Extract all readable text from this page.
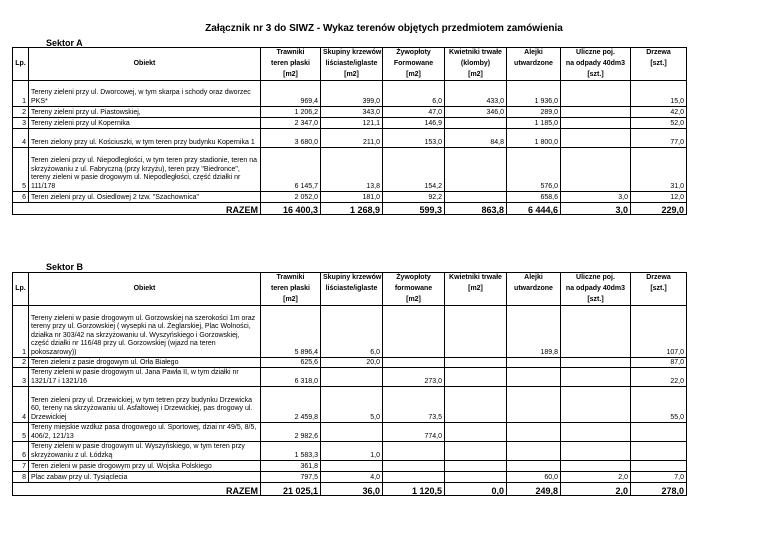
Załącznik nr 3 do SIWZ - Wykaz terenów objętych przedmiotem zamówienia
Sektor A
Lp.	Obiekt	Trawniki	Skupiny krzewów	Żywopłoty	Kwietniki trwałe	Alejki	Uliczne poj.	Drzewa
		teren płaski	liściaste/iglaste	Formowane	(klomby)	utwardzone	na odpady 40dm3	[szt.]
		[m2]	[m2]	[m2]	[m2]		[szt.]	
1	Tereny zieleni przy ul. Dworcowej, w tym skarpa i schody oraz dworzec PKS*	969,4	399,0	6,0	433,0	1 936,0		15,0
2	Tereny zieleni przy ul. Piastowskiej,	1 206,2	343,0	47,0	346,0	289,0		42,0
3	Tereny zieleni przy ul Kopernika	2 347,0	121,1	146,9		1 185,0		52,0
4	Teren zielony przy ul. Kościuszki, w tym teren przy budynku Kopernika 1	3 680,0	211,0	153,0	84,8	1 800,0		77,0
5	Teren zieleni przy ul. Niepodległości, w tym teren przy stadionie, teren na skrzyżowaniu z ul. Fabryczną (przy krzyżu), teren przy "Biedronce", tereny zieleni w pasie drogowym ul. Niepodległości, część działki nr 111/178	6 145,7	13,8	154,2		576,0		31,0
6	Teren zieleni przy ul. Osiedlowej 2 tzw. "Szachownica"	2 052,0	181,0	92,2		658,6	3,0	12,0
	RAZEM	16 400,3	1 268,9	599,3	863,8	6 444,6	3,0	229,0
Sektor B
Lp.	Obiekt	Trawniki	Skupiny krzewów	Żywopłoty	Kwietniki trwałe	Alejki	Uliczne poj.	Drzewa
		teren płaski	liściaste/iglaste	formowane	[m2]	utwardzone	na odpady 40dm3	[szt.]
		[m2]		[m2]			[szt.]	
1	Tereny zieleni w pasie drogowym ul. Gorzowskiej na szerokości 1m oraz tereny przy ul. Gorzowskiej ( wysepki na ul. Żeglarskiej, Plac Wolności, działka nr 303/42 na skrzyżowaniu ul. Wyszyńskiego i Gorzowskiej, część działki nr 116/48 przy ul. Gorzowskiej (wjazd na teren pokoszarowy))	5 896,4	6,0			189,8		107,0
2	Teren zieleni z pasie drogowym ul. Orła Białego	625,6	20,0					87,0
3	Tereny zieleni w pasie drogowym ul. Jana Pawła II, w tym działki nr 1321/17 i 1321/16	6 318,0		273,0				22,0
4	Teren zieleni przy ul. Drzewickiej, w tym tetren przy budynku Drzewicka 60, tereny na skrzyżowaniu ul. Asfaltowej i Drzewickiej, pas drogowy ul. Drzewickiej	2 459,8	5,0	73,5				55,0
5	Tereny miejskie wzdłuż pasa drogowego ul. Sportowej, dziai nr 49/5, 8/5, 406/2, 121/13	2 982,6		774,0				
6	Tereny zieleni w pasie drogowym ul. Wyszyńskiego, w tym teren przy skrzyżowaniu z ul. Łódzką	1 583,3	1,0					
7	Teren zieleni w pasie drogowym przy ul. Wojska Polskiego	361,8						
8	Plac zabaw przy ul. Tysiąclecia	797,5	4,0			60,0	2,0	7,0
	RAZEM	21 025,1	36,0	1 120,5	0,0	249,8	2,0	278,0
